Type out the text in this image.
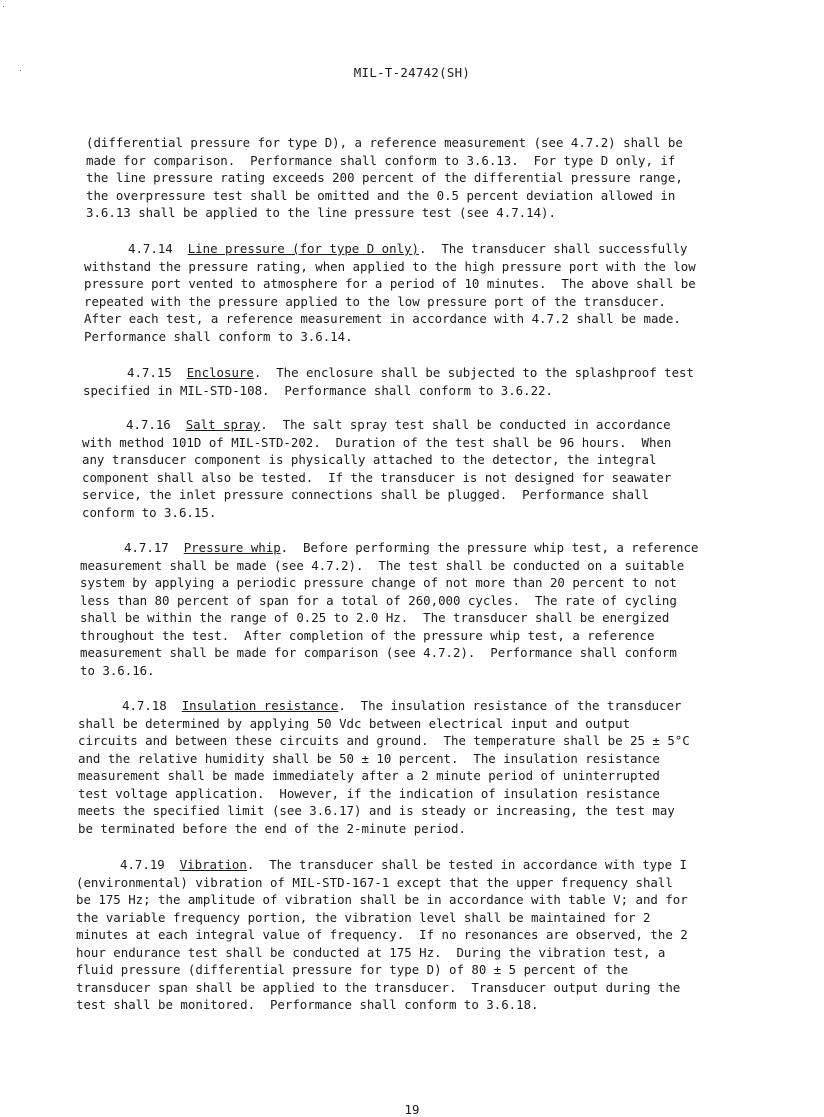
MIL-T-24742(SH)
(differential pressure for type D), a reference measurement (see 4.7.2) shall be
made for comparison.  Performance shall conform to 3.6.13.  For type D only, if
the line pressure rating exceeds 200 percent of the differential pressure range,
the overpressure test shall be omitted and the 0.5 percent deviation allowed in
3.6.13 shall be applied to the line pressure test (see 4.7.14).
4.7.14 Line pressure (for type D only).  The transducer shall successfully
withstand the pressure rating, when applied to the high pressure port with the low
pressure port vented to atmosphere for a period of 10 minutes.  The above shall be
repeated with the pressure applied to the low pressure port of the transducer.
After each test, a reference measurement in accordance with 4.7.2 shall be made.
Performance shall conform to 3.6.14.
4.7.15 Enclosure.  The enclosure shall be subjected to the splashproof test
specified in MIL-STD-108.  Performance shall conform to 3.6.22.
4.7.16 Salt spray.  The salt spray test shall be conducted in accordance
with method 101D of MIL-STD-202.  Duration of the test shall be 96 hours.  When
any transducer component is physically attached to the detector, the integral
component shall also be tested.  If the transducer is not designed for seawater
service, the inlet pressure connections shall be plugged.  Performance shall
conform to 3.6.15.
4.7.17 Pressure whip.  Before performing the pressure whip test, a reference
measurement shall be made (see 4.7.2).  The test shall be conducted on a suitable
system by applying a periodic pressure change of not more than 20 percent to not
less than 80 percent of span for a total of 260,000 cycles.  The rate of cycling
shall be within the range of 0.25 to 2.0 Hz.  The transducer shall be energized
throughout the test.  After completion of the pressure whip test, a reference
measurement shall be made for comparison (see 4.7.2).  Performance shall conform
to 3.6.16.
4.7.18 Insulation resistance.  The insulation resistance of the transducer
shall be determined by applying 50 Vdc between electrical input and output
circuits and between these circuits and ground.  The temperature shall be 25 ± 5°C
and the relative humidity shall be 50 ± 10 percent.  The insulation resistance
measurement shall be made immediately after a 2 minute period of uninterrupted
test voltage application.  However, if the indication of insulation resistance
meets the specified limit (see 3.6.17) and is steady or increasing, the test may
be terminated before the end of the 2-minute period.
4.7.19 Vibration.  The transducer shall be tested in accordance with type I
(environmental) vibration of MIL-STD-167-1 except that the upper frequency shall
be 175 Hz; the amplitude of vibration shall be in accordance with table V; and for
the variable frequency portion, the vibration level shall be maintained for 2
minutes at each integral value of frequency.  If no resonances are observed, the 2
hour endurance test shall be conducted at 175 Hz.  During the vibration test, a
fluid pressure (differential pressure for type D) of 80 ± 5 percent of the
transducer span shall be applied to the transducer.  Transducer output during the
test shall be monitored.  Performance shall conform to 3.6.18.
19
